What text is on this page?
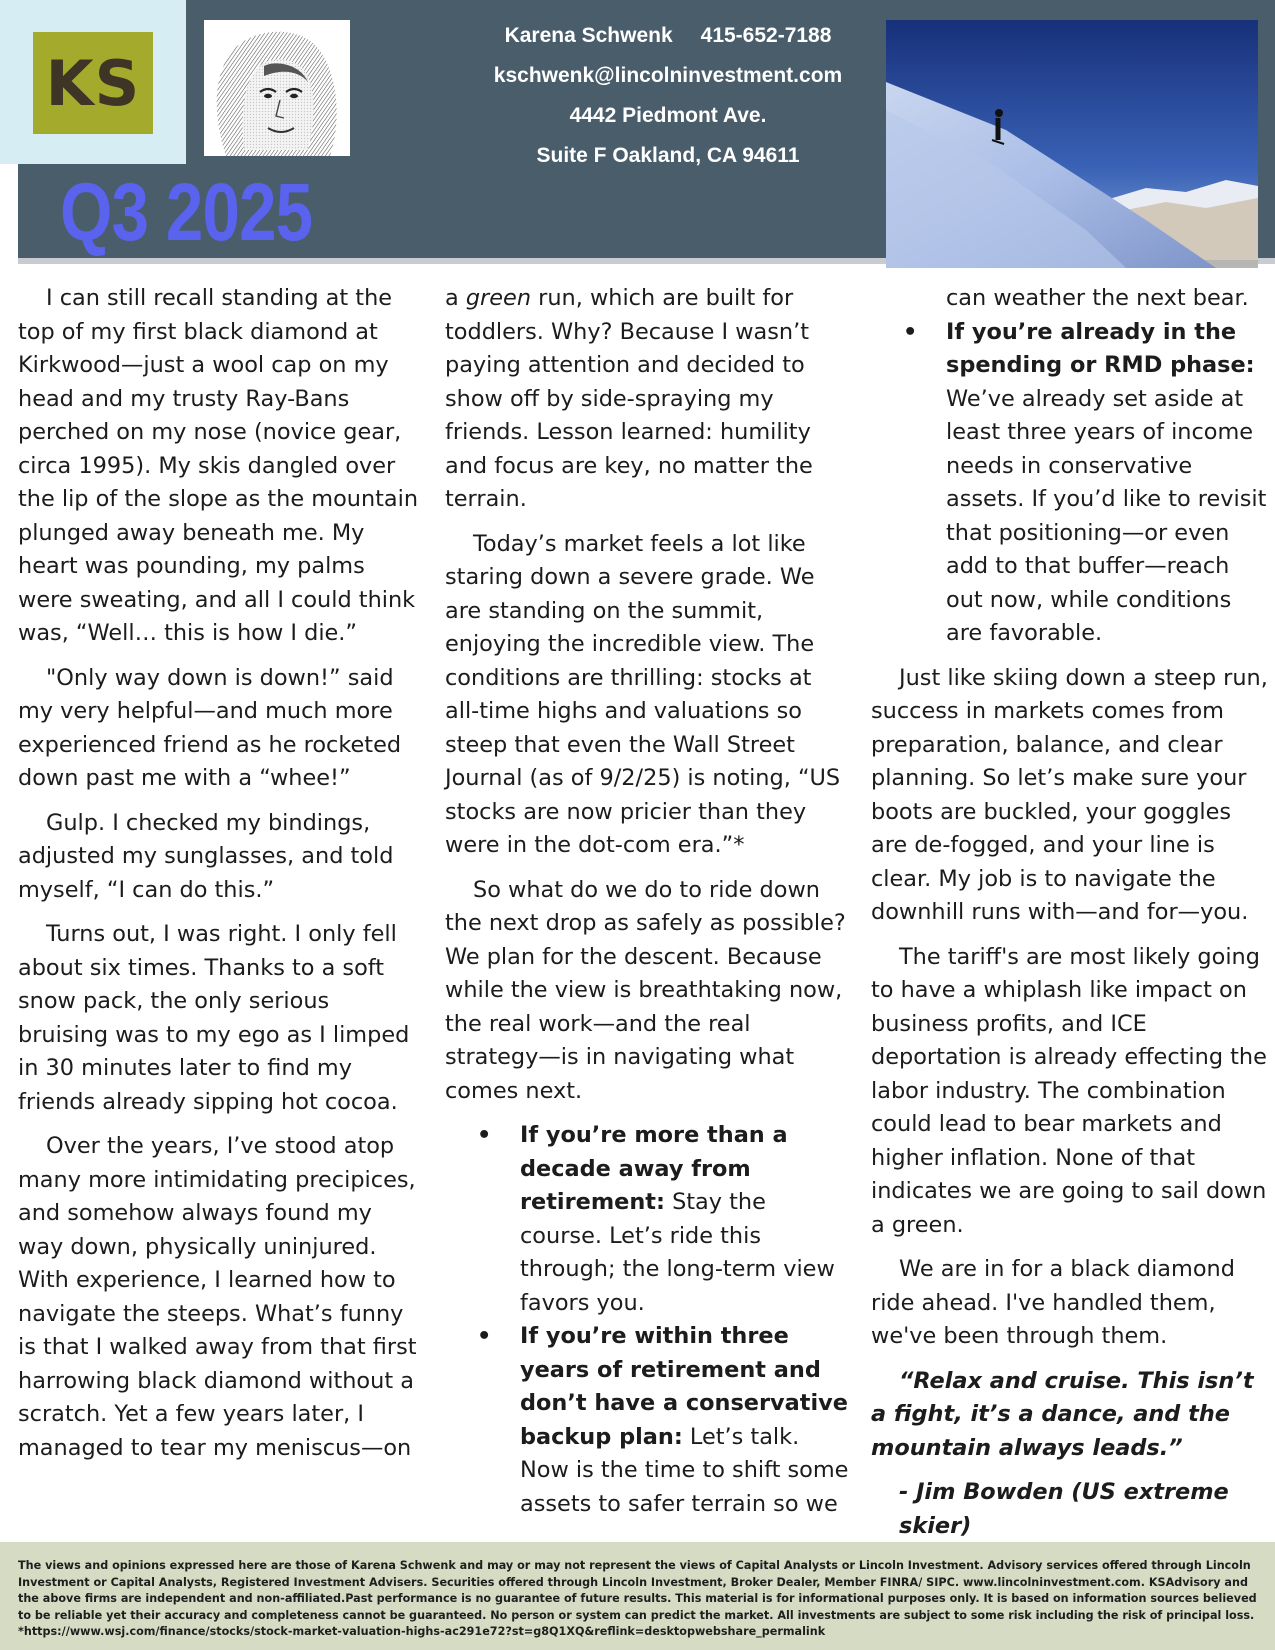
Q3 2025
Karena Schwenk 415-652-7188
kschwenk@lincolninvestment.com
4442 Piedmont Ave.
Suite F Oakland, CA 94611
KS

I can still recall standing at the top of my first black diamond at Kirkwood—just a wool cap on my head and my trusty Ray-Bans perched on my nose (novice gear, circa 1995). My skis dangled over the lip of the slope as the mountain plunged away beneath me. My heart was pounding, my palms were sweating, and all I could think was, “Well… this is how I die.”

"Only way down is down!” said my very helpful—and much more experienced friend as he rocketed down past me with a “whee!”

Gulp. I checked my bindings, adjusted my sunglasses, and told myself, “I can do this.”

Turns out, I was right. I only fell about six times. Thanks to a soft snow pack, the only serious bruising was to my ego as I limped in 30 minutes later to find my friends already sipping hot cocoa.

Over the years, I’ve stood atop many more intimidating precipices, and somehow always found my way down, physically uninjured. With experience, I learned how to navigate the steeps. What’s funny is that I walked away from that first harrowing black diamond without a scratch. Yet a few years later, I managed to tear my meniscus—on

a green run, which are built for toddlers. Why? Because I wasn’t paying attention and decided to show off by side-spraying my friends. Lesson learned: humility and focus are key, no matter the terrain.

Today’s market feels a lot like staring down a severe grade. We are standing on the summit, enjoying the incredible view. The conditions are thrilling: stocks at all-time highs and valuations so steep that even the Wall Street Journal (as of 9/2/25) is noting, “US stocks are now pricier than they were in the dot-com era.”*

So what do we do to ride down the next drop as safely as possible? We plan for the descent. Because while the view is breathtaking now, the real work—and the real strategy—is in navigating what comes next.

• If you’re more than a decade away from retirement: Stay the course. Let’s ride this through; the long-term view favors you.
• If you’re within three years of retirement and don’t have a conservative backup plan: Let’s talk. Now is the time to shift some assets to safer terrain so we
can weather the next bear.
• If you’re already in the spending or RMD phase: We’ve already set aside at least three years of income needs in conservative assets. If you’d like to revisit that positioning—or even add to that buffer—reach out now, while conditions are favorable.

Just like skiing down a steep run, success in markets comes from preparation, balance, and clear planning. So let’s make sure your boots are buckled, your goggles are de-fogged, and your line is clear. My job is to navigate the downhill runs with—and for—you.

The tariff's are most likely going to have a whiplash like impact on business profits, and ICE deportation is already effecting the labor industry. The combination could lead to bear markets and higher inflation. None of that indicates we are going to sail down a green.

We are in for a black diamond ride ahead. I've handled them, we've been through them.

“Relax and cruise. This isn’t a fight, it’s a dance, and the mountain always leads.”

- Jim Bowden (US extreme skier)
The views and opinions expressed here are those of Karena Schwenk and may or may not represent the views of Capital Analysts or Lincoln Investment. Advisory services offered through Lincoln Investment or Capital Analysts, Registered Investment Advisers. Securities offered through Lincoln Investment, Broker Dealer, Member FINRA/ SIPC. www.lincolninvestment.com. KSAdvisory and the above firms are independent and non-affiliated.Past performance is no guarantee of future results. This material is for informational purposes only. It is based on information sources believed to be reliable yet their accuracy and completeness cannot be guaranteed. No person or system can predict the market. All investments are subject to some risk including the risk of principal loss. *https://www.wsj.com/finance/stocks/stock-market-valuation-highs-ac291e72?st=g8Q1XQ&reflink=desktopwebshare_permalink
